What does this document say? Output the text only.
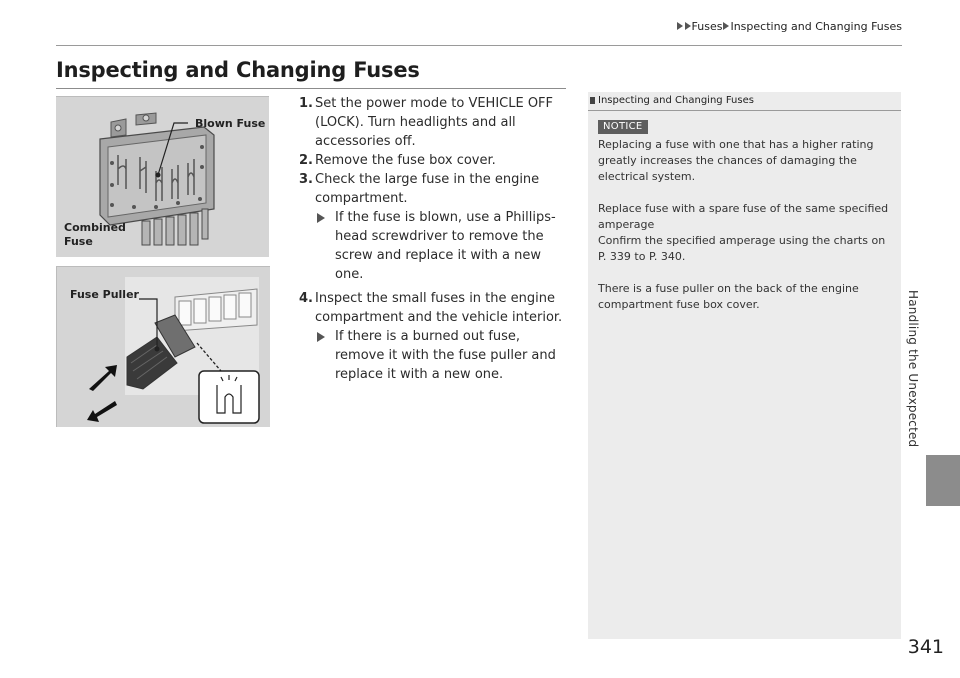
Fuses Inspecting and Changing Fuses
Handling the Unexpected
Inspecting and Changing Fuses
Blown Fuse
Combined
Fuse
Fuse Puller
1. Set the power mode to VEHICLE OFF (LOCK). Turn headlights and all accessories off.
2. Remove the fuse box cover.
3. Check the large fuse in the engine compartment.
If the fuse is blown, use a Phillips-head screwdriver to remove the screw and replace it with a new one.
4. Inspect the small fuses in the engine compartment and the vehicle interior.
If there is a burned out fuse, remove it with the fuse puller and replace it with a new one.
Inspecting and Changing Fuses
NOTICE

Replacing a fuse with one that has a higher rating greatly increases the chances of damaging the electrical system.

Replace fuse with a spare fuse of the same specified amperage
Confirm the specified amperage using the charts on P. 339 to P. 340.

There is a fuse puller on the back of the engine compartment fuse box cover.

341
